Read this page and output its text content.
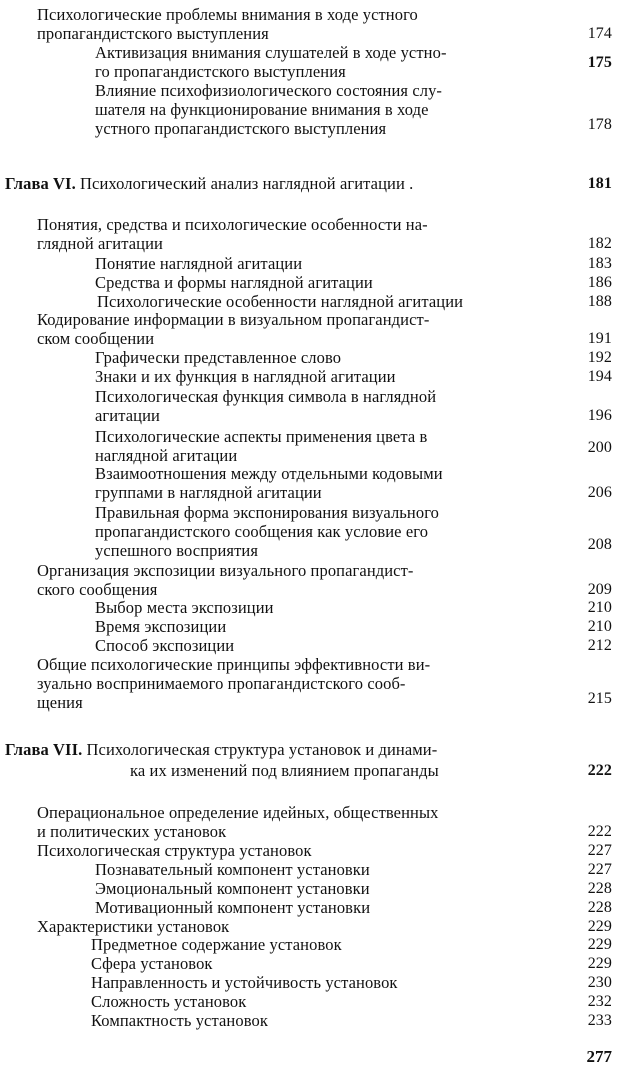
Психологические проблемы внимания в ходе устного
пропагандистского выступления	174
Активизация внимания слушателей в ходе устно-
го пропагандистского выступления	175
Влияние психофизиологического состояния слу-
шателя на функционирование внимания в ходе
устного пропагандистского выступления	178
Глава VI. Психологический анализ наглядной агитации .	181
Понятия, средства и психологические особенности на-
глядной агитации	182
Понятие наглядной агитации	183
Средства и формы наглядной агитации	186
Психологические особенности наглядной агитации	188
Кодирование информации в визуальном пропагандист-
ском сообщении	191
Графически представленное слово	192
Знаки и их функция в наглядной агитации	194
Психологическая функция символа в наглядной
агитации	196
Психологические аспекты применения цвета в
наглядной агитации	200
Взаимоотношения между отдельными кодовыми
группами в наглядной агитации	206
Правильная форма экспонирования визуального
пропагандистского сообщения как условие его
успешного восприятия	208
Организация экспозиции визуального пропагандист-
ского сообщения	209
Выбор места экспозиции	210
Время экспозиции	210
Способ экспозиции	212
Общие психологические принципы эффективности ви-
зуально воспринимаемого пропагандистского сооб-
щения	215
Глава VII. Психологическая структура установок и динами-
ка их изменений под влиянием пропаганды	222
Операциональное определение идейных, общественных
и политических установок	222
Психологическая структура установок	227
Познавательный компонент установки	227
Эмоциональный компонент установки	228
Мотивационный компонент установки	228
Характеристики установок	229
Предметное содержание установок	229
Сфера установок	229
Направленность и устойчивость установок	230
Сложность установок	232
Компактность установок	233
277
